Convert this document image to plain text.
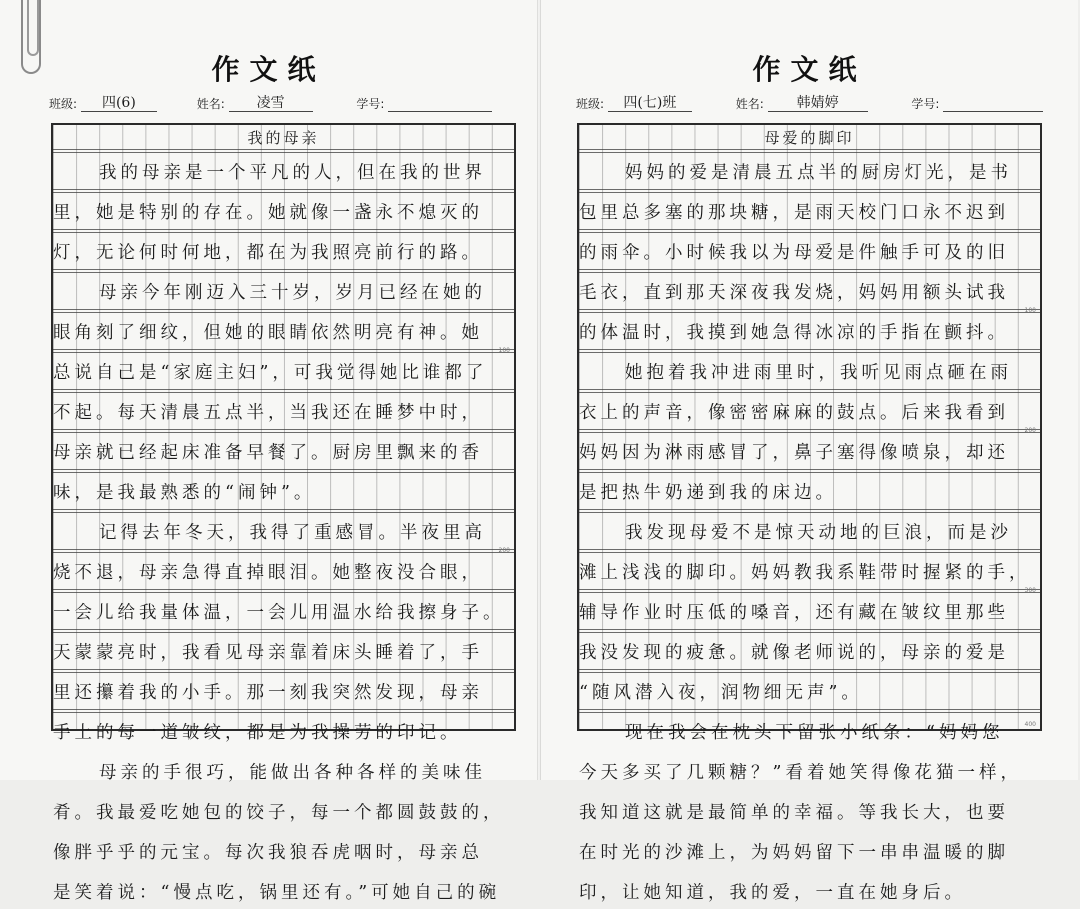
作文纸
班级: 四(6)	姓名: 凌雪	学号:
我的母亲
我的母亲是一个平凡的人，但在我的世界
里，她是特别的存在。她就像一盏永不熄灭的
灯，无论何时何地，都在为我照亮前行的路。
母亲今年刚迈入三十岁，岁月已经在她的
眼角刻了细纹，但她的眼睛依然明亮有神。她
总说自己是“家庭主妇”，可我觉得她比谁都了
不起。每天清晨五点半，当我还在睡梦中时，
母亲就已经起床准备早餐了。厨房里飘来的香
味，是我最熟悉的“闹钟”。
记得去年冬天，我得了重感冒。半夜里高
烧不退，母亲急得直掉眼泪。她整夜没合眼，
一会儿给我量体温，一会儿用温水给我擦身子。
天蒙蒙亮时，我看见母亲靠着床头睡着了，手
里还攥着我的小手。那一刻我突然发现，母亲
手上的每一道皱纹，都是为我操劳的印记。
母亲的手很巧，能做出各种各样的美味佳
肴。我最爱吃她包的饺子，每一个都圆鼓鼓的，
像胖乎乎的元宝。每次我狼吞虎咽时，母亲总
是笑着说：“慢点吃，锅里还有。”可她自己的碗
100
200
作文纸
班级: 四(七)班	姓名: 韩婧婷	学号:
母爱的脚印
妈妈的爱是清晨五点半的厨房灯光，是书
包里总多塞的那块糖，是雨天校门口永不迟到
的雨伞。小时候我以为母爱是件触手可及的旧
毛衣，直到那天深夜我发烧，妈妈用额头试我
的体温时，我摸到她急得冰凉的手指在颤抖。
她抱着我冲进雨里时，我听见雨点砸在雨
衣上的声音，像密密麻麻的鼓点。后来我看到
妈妈因为淋雨感冒了，鼻子塞得像喷泉，却还
是把热牛奶递到我的床边。
我发现母爱不是惊天动地的巨浪，而是沙
滩上浅浅的脚印。妈妈教我系鞋带时握紧的手，
辅导作业时压低的嗓音，还有藏在皱纹里那些
我没发现的疲惫。就像老师说的，母亲的爱是
“随风潜入夜，润物细无声”。
现在我会在枕头下留张小纸条：“妈妈您
今天多买了几颗糖？”看着她笑得像花猫一样，
我知道这就是最简单的幸福。等我长大，也要
在时光的沙滩上，为妈妈留下一串串温暖的脚
印，让她知道，我的爱，一直在她身后。
100
200
300
400
